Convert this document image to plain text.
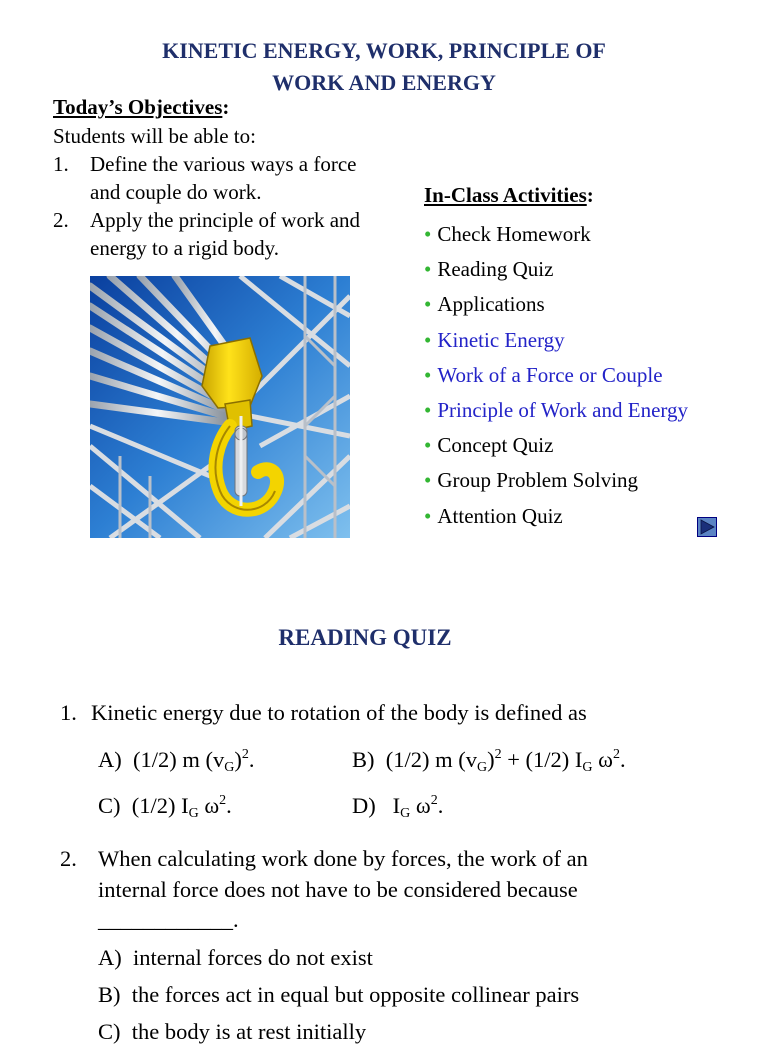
KINETIC ENERGY, WORK, PRINCIPLE OF
WORK AND ENERGY
Today’s Objectives:
Students will be able to:
1. Define the various ways a force
and couple do work.
2. Apply the principle of work and
energy to a rigid body.
In-Class Activities:
• Check Homework
• Reading Quiz
• Applications
• Kinetic Energy
• Work of a Force or Couple
• Principle of Work and Energy
• Concept Quiz
• Group Problem Solving
• Attention Quiz
READING QUIZ
1. Kinetic energy due to rotation of the body is defined as
A) (1/2) m $(v_G)^2$.	B) (1/2) m $(v_G)^2 + (1/2)$ $I_G$ $\omega^2$.
C) (1/2) $I_G$ $\omega^2$.	D) $I_G$ $\omega^2$.
2. When calculating work done by forces, the work of an
internal force does not have to be considered because
____________.
A) internal forces do not exist
B) the forces act in equal but opposite collinear pairs
C) the body is at rest initially
